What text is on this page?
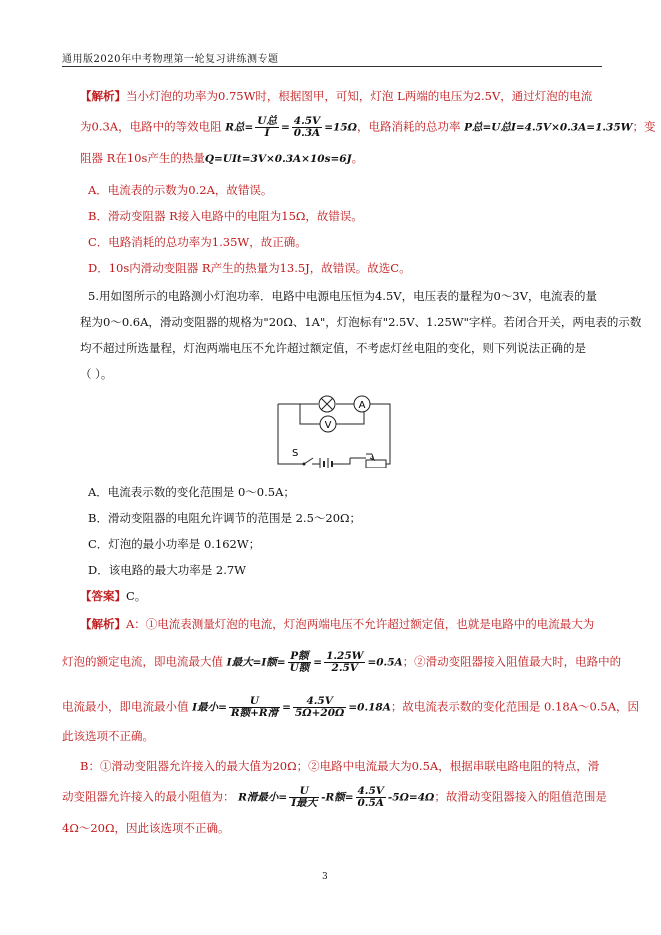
通用版2020年中考物理第一轮复习讲练测专题
【解析】当小灯泡的功率为0.75W时，根据图甲，可知，灯泡 L两端的电压为2.5V，通过灯泡的电流
为0.3A，电路中的等效电阻 R总= $\frac{\text{U总}}{I} = \frac{4.5V}{0.3A} =15\Omega$，电路消耗的总功率 P总=U总I=4.5V×0.3A=1.35W；变
阻器 R在10s产生的热量Q=UIt=3V×0.3A×10s=6J。
A．电流表的示数为0.2A，故错误。
B．滑动变阻器 R接入电路中的电阻为15Ω，故错误。
C．电路消耗的总功率为1.35W，故正确。
D．10s内滑动变阻器 R产生的热量为13.5J，故错误。故选C。
5.用如图所示的电路测小灯泡功率．电路中电源电压恒为4.5V，电压表的量程为0～3V，电流表的量
程为0～0.6A，滑动变阻器的规格为"20Ω、1A"，灯泡标有"2.5V、1.25W"字样。若闭合开关，两电表的示数
均不超过所选量程，灯泡两端电压不允许超过额定值，不考虑灯丝电阻的变化，则下列说法正确的是
（ ）。
A
V
S
A．电流表示数的变化范围是 0～0.5A；
B．滑动变阻器的电阻允许调节的范围是 2.5～20Ω；
C．灯泡的最小功率是 0.162W；
D．该电路的最大功率是 2.7W
【答案】C。
【解析】A：①电流表测量灯泡的电流，灯泡两端电压不允许超过额定值，也就是电路中的电流最大为
灯泡的额定电流，即电流最大值 I最大=I额= $\frac{\text{P额}}{\text{U额}} = \frac{1.25W}{2.5V} =0.5A$；②滑动变阻器接入阻值最大时，电路中的
电流最小，即电流最小值 I最小= $\frac{U}{\text{R额+R滑}} = \frac{4.5V}{5\Omega+20\Omega} =0.18A$；故电流表示数的变化范围是 0.18A～0.5A，因
此该选项不正确。
B：①滑动变阻器允许接入的最大值为20Ω；②电路中电流最大为0.5A，根据串联电路电阻的特点，滑
动变阻器允许接入的最小阻值为： R滑最小= $\frac{U}{\text{I最大}} -R$额= $\frac{4.5V}{0.5A} -5\Omega=4\Omega$；故滑动变阻器接入的阻值范围是
4Ω～20Ω，因此该选项不正确。
3
